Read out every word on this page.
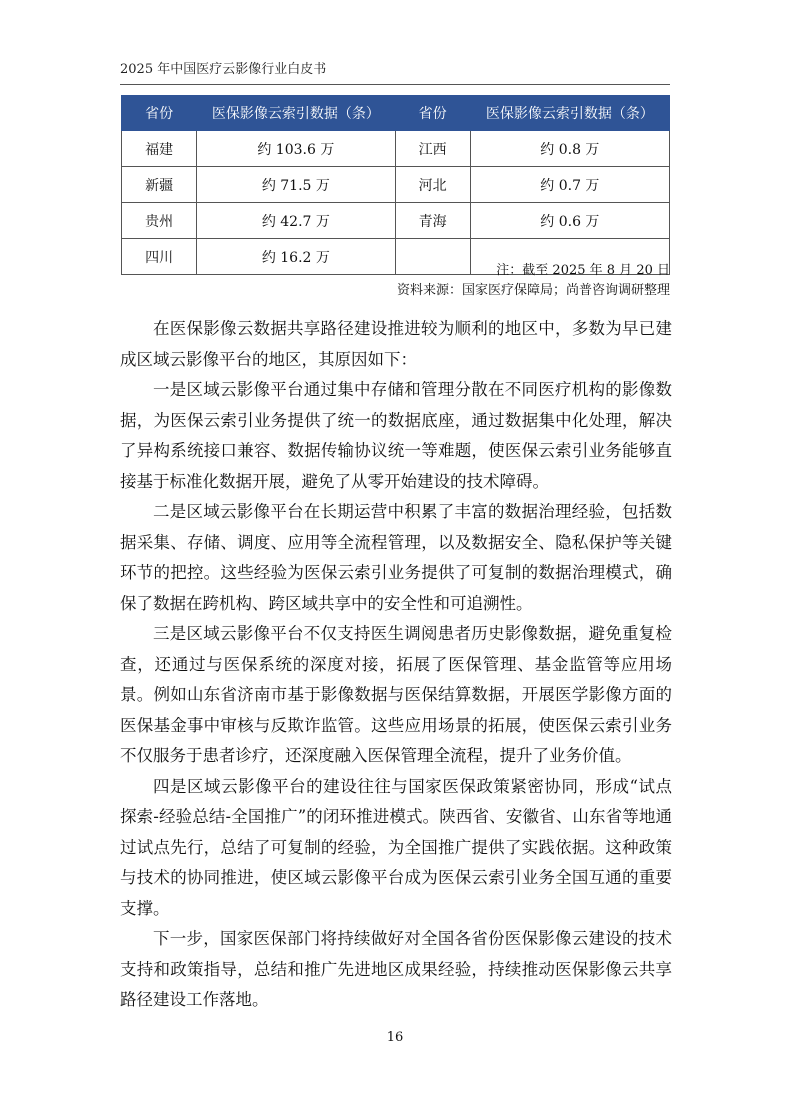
2025 年中国医疗云影像行业白皮书
省份	医保影像云索引数据（条）	省份	医保影像云索引数据（条）
福建	约 103.6 万	江西	约 0.8 万
新疆	约 71.5 万	河北	约 0.7 万
贵州	约 42.7 万	青海	约 0.6 万
四川	约 16.2 万		
注：截至 2025 年 8 月 20 日
资料来源：国家医疗保障局；尚普咨询调研整理

在医保影像云数据共享路径建设推进较为顺利的地区中，多数为早已建成区域云影像平台的地区，其原因如下：

一是区域云影像平台通过集中存储和管理分散在不同医疗机构的影像数据，为医保云索引业务提供了统一的数据底座，通过数据集中化处理，解决了异构系统接口兼容、数据传输协议统一等难题，使医保云索引业务能够直接基于标准化数据开展，避免了从零开始建设的技术障碍。

二是区域云影像平台在长期运营中积累了丰富的数据治理经验，包括数据采集、存储、调度、应用等全流程管理，以及数据安全、隐私保护等关键环节的把控。这些经验为医保云索引业务提供了可复制的数据治理模式，确保了数据在跨机构、跨区域共享中的安全性和可追溯性。

三是区域云影像平台不仅支持医生调阅患者历史影像数据，避免重复检查，还通过与医保系统的深度对接，拓展了医保管理、基金监管等应用场景。例如山东省济南市基于影像数据与医保结算数据，开展医学影像方面的医保基金事中审核与反欺诈监管。这些应用场景的拓展，使医保云索引业务不仅服务于患者诊疗，还深度融入医保管理全流程，提升了业务价值。

四是区域云影像平台的建设往往与国家医保政策紧密协同，形成“试点探索-经验总结-全国推广”的闭环推进模式。陕西省、安徽省、山东省等地通过试点先行，总结了可复制的经验，为全国推广提供了实践依据。这种政策与技术的协同推进，使区域云影像平台成为医保云索引业务全国互通的重要支撑。

下一步，国家医保部门将持续做好对全国各省份医保影像云建设的技术支持和政策指导，总结和推广先进地区成果经验，持续推动医保影像云共享路径建设工作落地。

16
